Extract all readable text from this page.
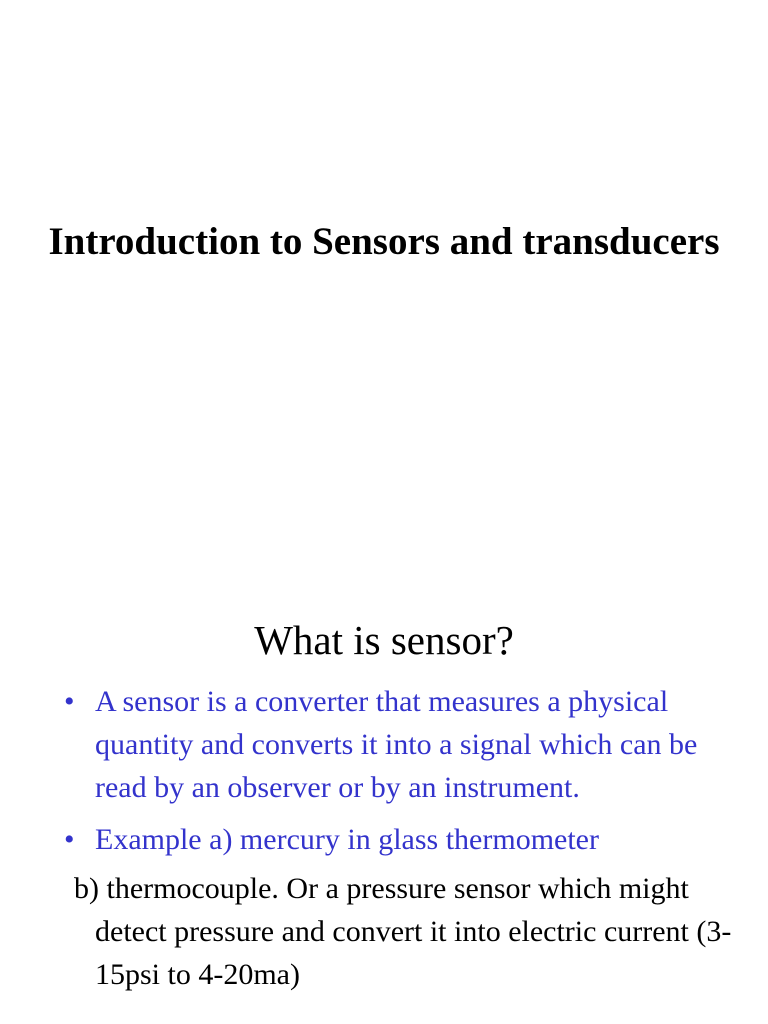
Introduction to Sensors and transducers
What is sensor?
• A sensor is a converter that measures a physical quantity and converts it into a signal which can be read by an observer or by an instrument.
• Example a) mercury in glass thermometer

b) thermocouple. Or a pressure sensor which might detect pressure and convert it into electric current (3-15psi to 4-20ma)
